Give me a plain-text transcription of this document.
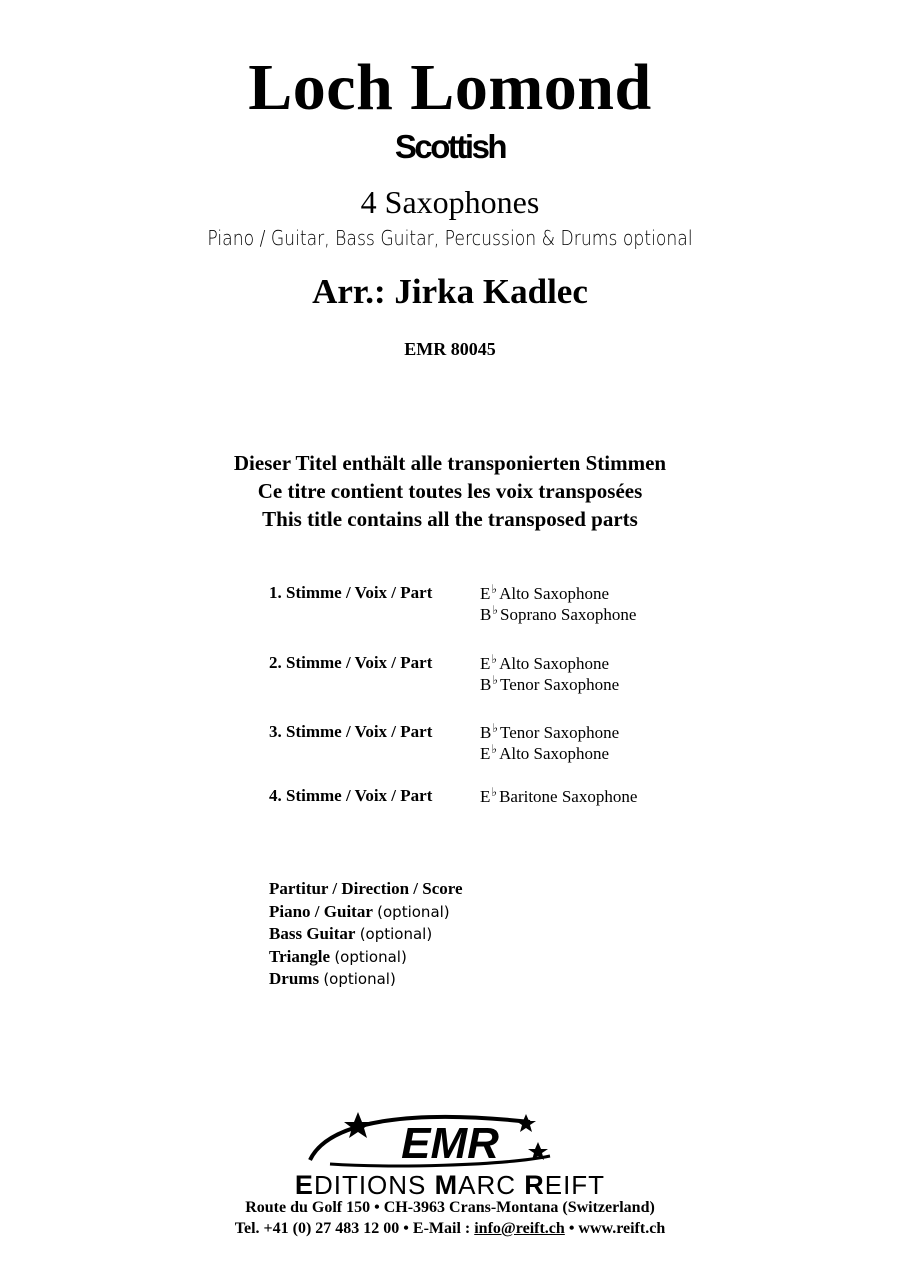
Loch Lomond
Scottish
4 Saxophones
Piano / Guitar, Bass Guitar, Percussion & Drums optional
Arr.: Jirka Kadlec
EMR 80045
Dieser Titel enthält alle transponierten Stimmen
Ce titre contient toutes les voix transposées
This title contains all the transposed parts
1. Stimme / Voix / Part	E♭ Alto Saxophone
B♭ Soprano Saxophone
2. Stimme / Voix / Part	E♭ Alto Saxophone
B♭ Tenor Saxophone
3. Stimme / Voix / Part	B♭ Tenor Saxophone
E♭ Alto Saxophone
4. Stimme / Voix / Part	E♭ Baritone Saxophone
Partitur / Direction / Score
Piano / Guitar (optional)
Bass Guitar (optional)
Triangle (optional)
Drums (optional)
EMR
EDITIONS MARC REIFT
Route du Golf 150 • CH-3963 Crans-Montana (Switzerland)
Tel. +41 (0) 27 483 12 00 • E-Mail : info@reift.ch • www.reift.ch
